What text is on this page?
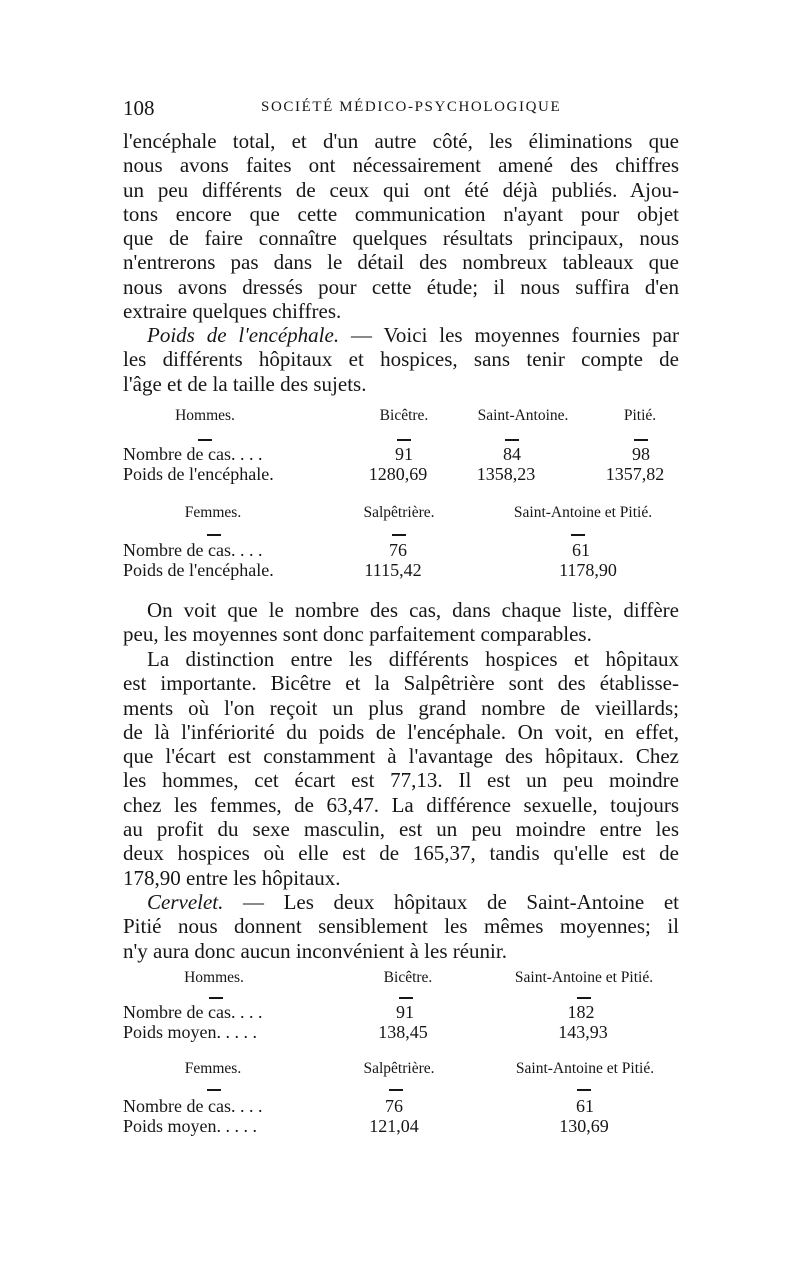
108	SOCIÉTÉ MÉDICO-PSYCHOLOGIQUE

l'encéphale total, et d'un autre côté, les éliminations que
nous avons faites ont nécessairement amené des chiffres
un peu différents de ceux qui ont été déjà publiés. Ajou-
tons encore que cette communication n'ayant pour objet
que de faire connaître quelques résultats principaux, nous
n'entrerons pas dans le détail des nombreux tableaux que
nous avons dressés pour cette étude; il nous suffira d'en
extraire quelques chiffres.

Poids de l'encéphale. — Voici les moyennes fournies par
les différents hôpitaux et hospices, sans tenir compte de
l'âge et de la taille des sujets.

Hommes.	Bicêtre.	Saint-Antoine.	Pitié.
Nombre de cas. . . .	91	84	98
Poids de l'encéphale.	1280,69	1358,23	1357,82
Femmes.	Salpêtrière.	Saint-Antoine et Pitié.
Nombre de cas. . . .	76	61
Poids de l'encéphale.	1115,42	1178,90

On voit que le nombre des cas, dans chaque liste, diffère
peu, les moyennes sont donc parfaitement comparables.

La distinction entre les différents hospices et hôpitaux
est importante. Bicêtre et la Salpêtrière sont des établisse-
ments où l'on reçoit un plus grand nombre de vieillards;
de là l'infériorité du poids de l'encéphale. On voit, en effet,
que l'écart est constamment à l'avantage des hôpitaux. Chez
les hommes, cet écart est 77,13. Il est un peu moindre
chez les femmes, de 63,47. La différence sexuelle, toujours
au profit du sexe masculin, est un peu moindre entre les
deux hospices où elle est de 165,37, tandis qu'elle est de
178,90 entre les hôpitaux.

Cervelet. — Les deux hôpitaux de Saint-Antoine et
Pitié nous donnent sensiblement les mêmes moyennes; il
n'y aura donc aucun inconvénient à les réunir.

Hommes.	Bicêtre.	Saint-Antoine et Pitié.
Nombre de cas. . . .	91	182
Poids moyen. . . . .	138,45	143,93
Femmes.	Salpêtrière.	Saint-Antoine et Pitié.
Nombre de cas. . . .	76	61
Poids moyen. . . . .	121,04	130,69
